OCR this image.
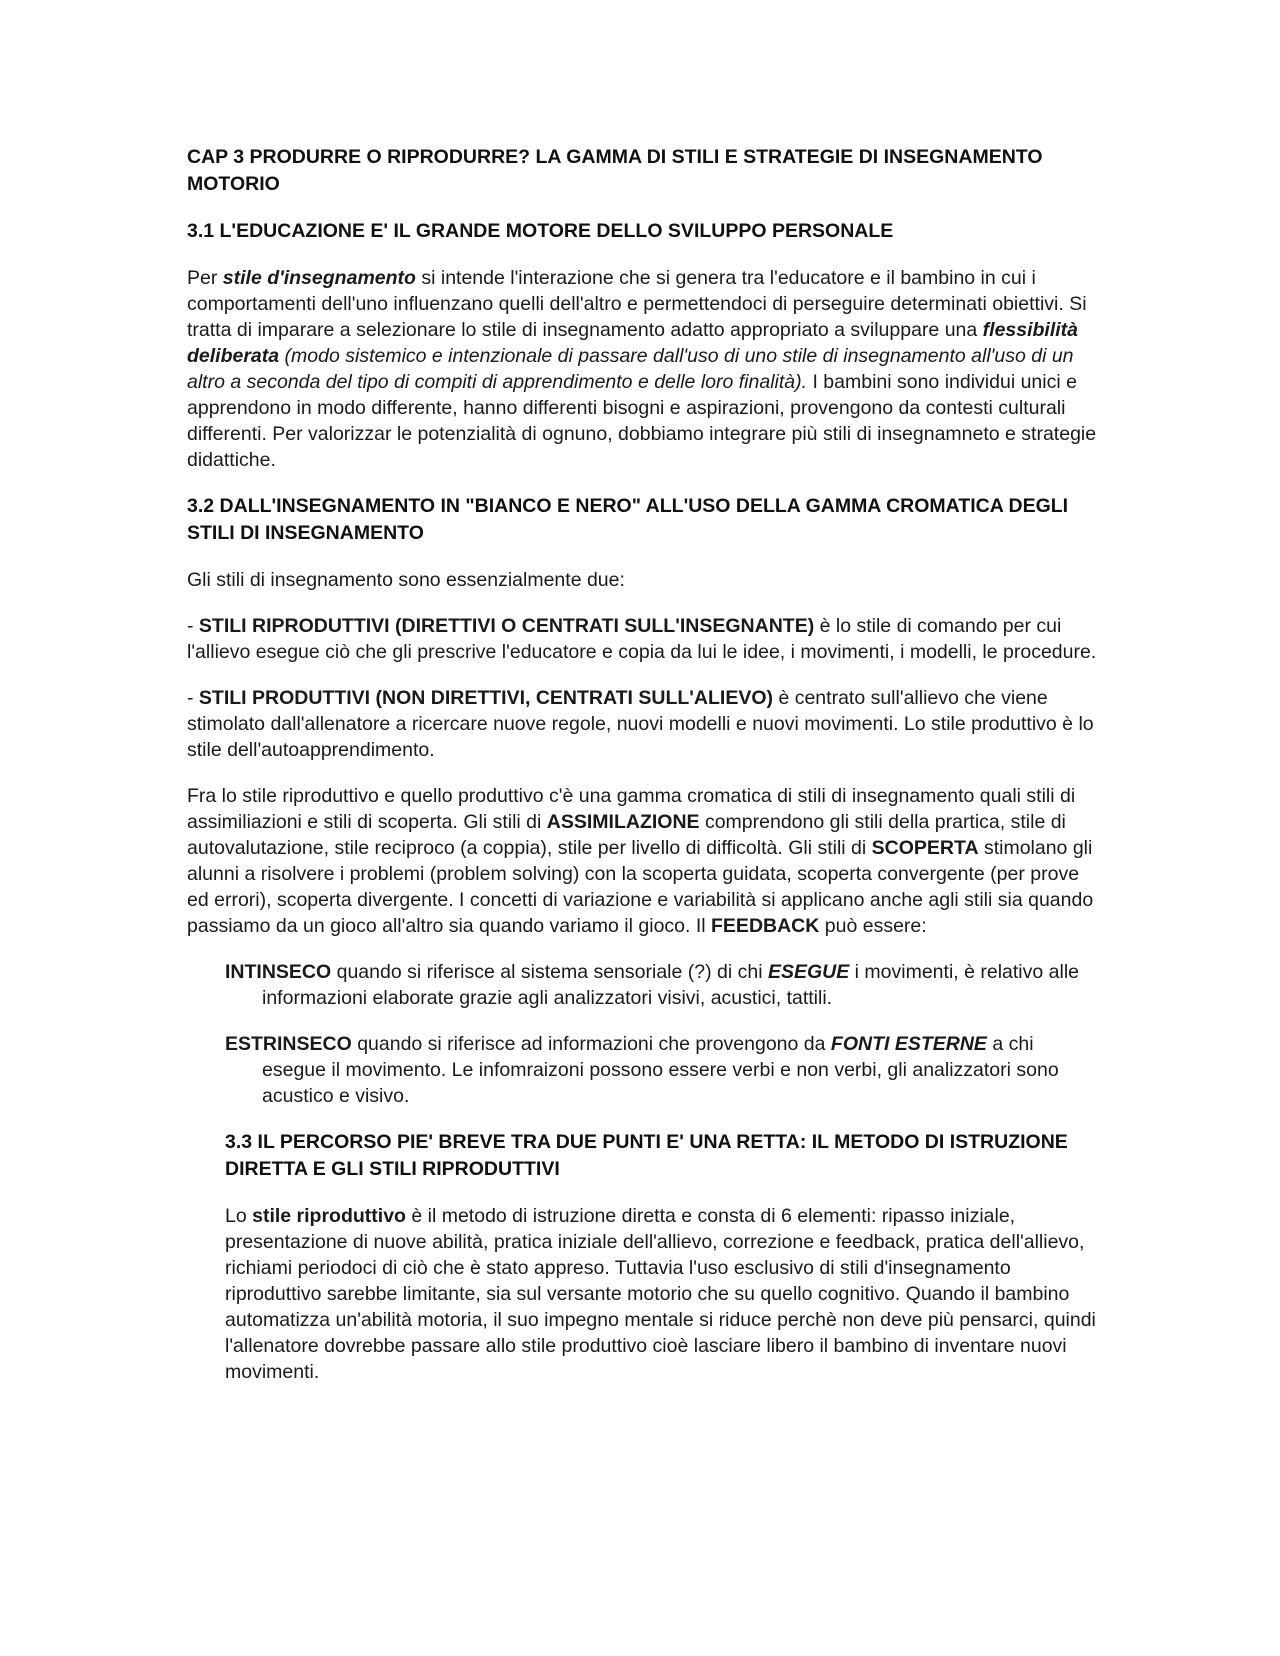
CAP 3 PRODURRE O RIPRODURRE? LA GAMMA DI STILI E STRATEGIE DI INSEGNAMENTO MOTORIO
3.1 L'EDUCAZIONE E' IL GRANDE MOTORE DELLO SVILUPPO PERSONALE

Per stile d'insegnamento si intende l'interazione che si genera tra l'educatore e il bambino in cui i comportamenti dell'uno influenzano quelli dell'altro e permettendoci di perseguire determinati obiettivi. Si tratta di imparare a selezionare lo stile di insegnamento adatto appropriato a sviluppare una flessibilità deliberata (modo sistemico e intenzionale di passare dall'uso di uno stile di insegnamento all'uso di un altro a seconda del tipo di compiti di apprendimento e delle loro finalità). I bambini sono individui unici e apprendono in modo differente, hanno differenti bisogni e aspirazioni, provengono da contesti culturali differenti. Per valorizzar le potenzialità di ognuno, dobbiamo integrare più stili di insegnamneto e strategie didattiche.

3.2 DALL'INSEGNAMENTO IN "BIANCO E NERO" ALL'USO DELLA GAMMA CROMATICA DEGLI STILI DI INSEGNAMENTO

Gli stili di insegnamento sono essenzialmente due:

- STILI RIPRODUTTIVI (DIRETTIVI O CENTRATI SULL'INSEGNANTE) è lo stile di comando per cui l'allievo esegue ciò che gli prescrive l'educatore e copia da lui le idee, i movimenti, i modelli, le procedure.

- STILI PRODUTTIVI (NON DIRETTIVI, CENTRATI SULL'ALIEVO) è centrato sull'allievo che viene stimolato dall'allenatore a ricercare nuove regole, nuovi modelli e nuovi movimenti. Lo stile produttivo è lo stile dell'autoapprendimento.

Fra lo stile riproduttivo e quello produttivo c'è una gamma cromatica di stili di insegnamento quali stili di assimiliazioni e stili di scoperta. Gli stili di ASSIMILAZIONE comprendono gli stili della prartica, stile di autovalutazione, stile reciproco (a coppia), stile per livello di difficoltà. Gli stili di SCOPERTA stimolano gli alunni a risolvere i problemi (problem solving) con la scoperta guidata, scoperta convergente (per prove ed errori), scoperta divergente. I concetti di variazione e variabilità si applicano anche agli stili sia quando passiamo da un gioco all'altro sia quando variamo il gioco. Il FEEDBACK può essere:

INTINSECO quando si riferisce al sistema sensoriale (?) di chi ESEGUE i movimenti, è relativo alle informazioni elaborate grazie agli analizzatori visivi, acustici, tattili.

ESTRINSECO quando si riferisce ad informazioni che provengono da FONTI ESTERNE a chi esegue il movimento. Le infomraizoni possono essere verbi e non verbi, gli analizzatori sono acustico e visivo.

3.3 IL PERCORSO PIE' BREVE TRA DUE PUNTI E' UNA RETTA: IL METODO DI ISTRUZIONE DIRETTA E GLI STILI RIPRODUTTIVI

Lo stile riproduttivo è il metodo di istruzione diretta e consta di 6 elementi: ripasso iniziale, presentazione di nuove abilità, pratica iniziale dell'allievo, correzione e feedback, pratica dell'allievo, richiami periodoci di ciò che è stato appreso. Tuttavia l'uso esclusivo di stili d'insegnamento riproduttivo sarebbe limitante, sia sul versante motorio che su quello cognitivo. Quando il bambino automatizza un'abilità motoria, il suo impegno mentale si riduce perchè non deve più pensarci, quindi l'allenatore dovrebbe passare allo stile produttivo cioè lasciare libero il bambino di inventare nuovi movimenti.
